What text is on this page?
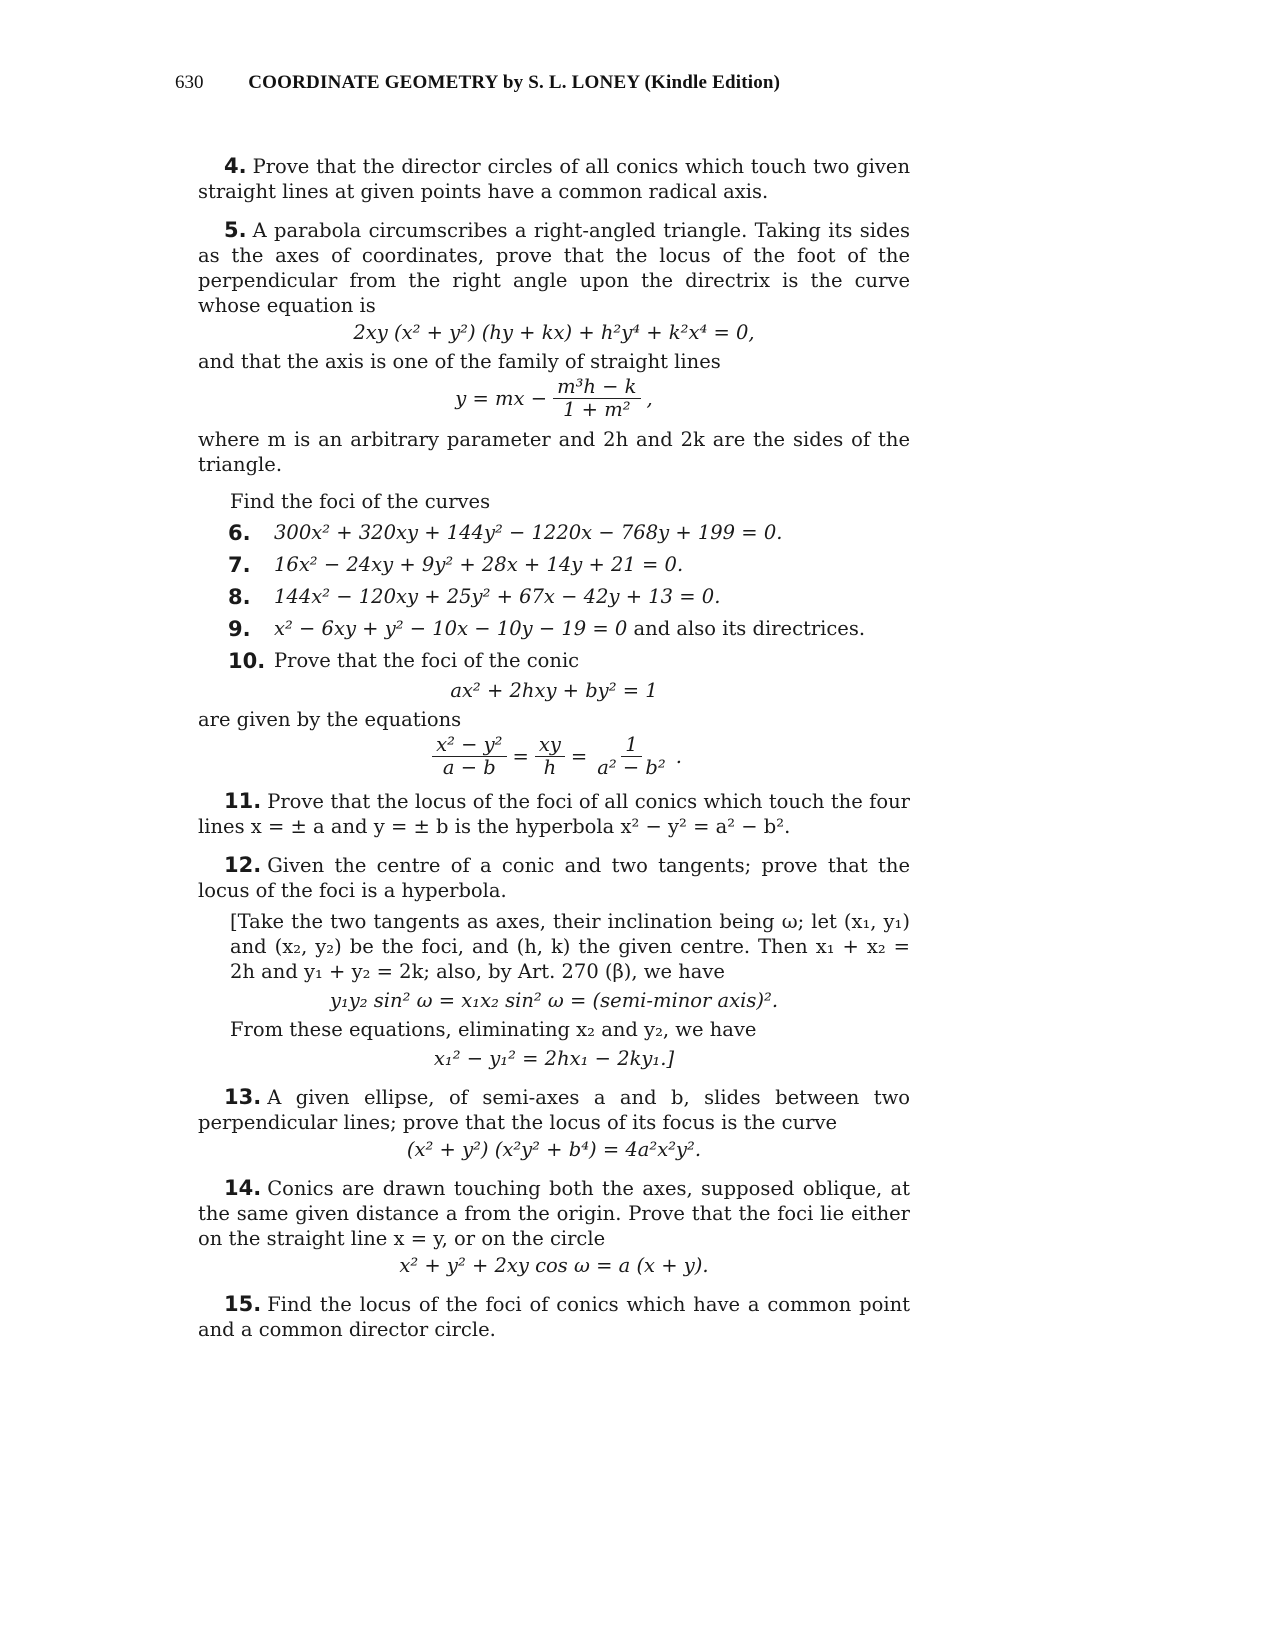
630 COORDINATE GEOMETRY by S. L. LONEY (Kindle Edition)

4. Prove that the director circles of all conics which touch two given straight lines at given points have a common radical axis.

5. A parabola circumscribes a right-angled triangle. Taking its sides as the axes of coordinates, prove that the locus of the foot of the perpendicular from the right angle upon the directrix is the curve whose equation is

2xy (x² + y²) (hy + kx) + h²y⁴ + k²x⁴ = 0,
and that the axis is one of the family of straight lines
y = mx − $\frac{\text{m³h − k}}{\text{1 + m²}}$ ,
where m is an arbitrary parameter and 2h and 2k are the sides of the triangle.
Find the foci of the curves
6.	300x² + 320xy + 144y² − 1220x − 768y + 199 = 0.
7.	16x² − 24xy + 9y² + 28x + 14y + 21 = 0.
8.	144x² − 120xy + 25y² + 67x − 42y + 13 = 0.
9.	x² − 6xy + y² − 10x − 10y − 19 = 0 and also its directrices.
10. Prove that the foci of the conic
ax² + 2hxy + by² = 1
are given by the equations
$\frac{\text{x² − y²}}{a - b} = \frac{xy}{h} = \frac{1}{\text{a² − b²}}$ .

11. Prove that the locus of the foci of all conics which touch the four lines x = ± a and y = ± b is the hyperbola x² − y² = a² − b².

12. Given the centre of a conic and two tangents; prove that the locus of the foci is a hyperbola.

[Take the two tangents as axes, their inclination being ω; let (x₁, y₁) and (x₂, y₂) be the foci, and (h, k) the given centre. Then x₁ + x₂ = 2h and y₁ + y₂ = 2k; also, by Art. 270 (β), we have
y₁y₂ sin² ω = x₁x₂ sin² ω = (semi-minor axis)².
From these equations, eliminating x₂ and y₂, we have
x₁² − y₁² = 2hx₁ − 2ky₁.]

13. A given ellipse, of semi-axes a and b, slides between two perpendicular lines; prove that the locus of its focus is the curve

(x² + y²) (x²y² + b⁴) = 4a²x²y².

14. Conics are drawn touching both the axes, supposed oblique, at the same given distance a from the origin. Prove that the foci lie either on the straight line x = y, or on the circle

x² + y² + 2xy cos ω = a (x + y).

15. Find the locus of the foci of conics which have a common point and a common director circle.
